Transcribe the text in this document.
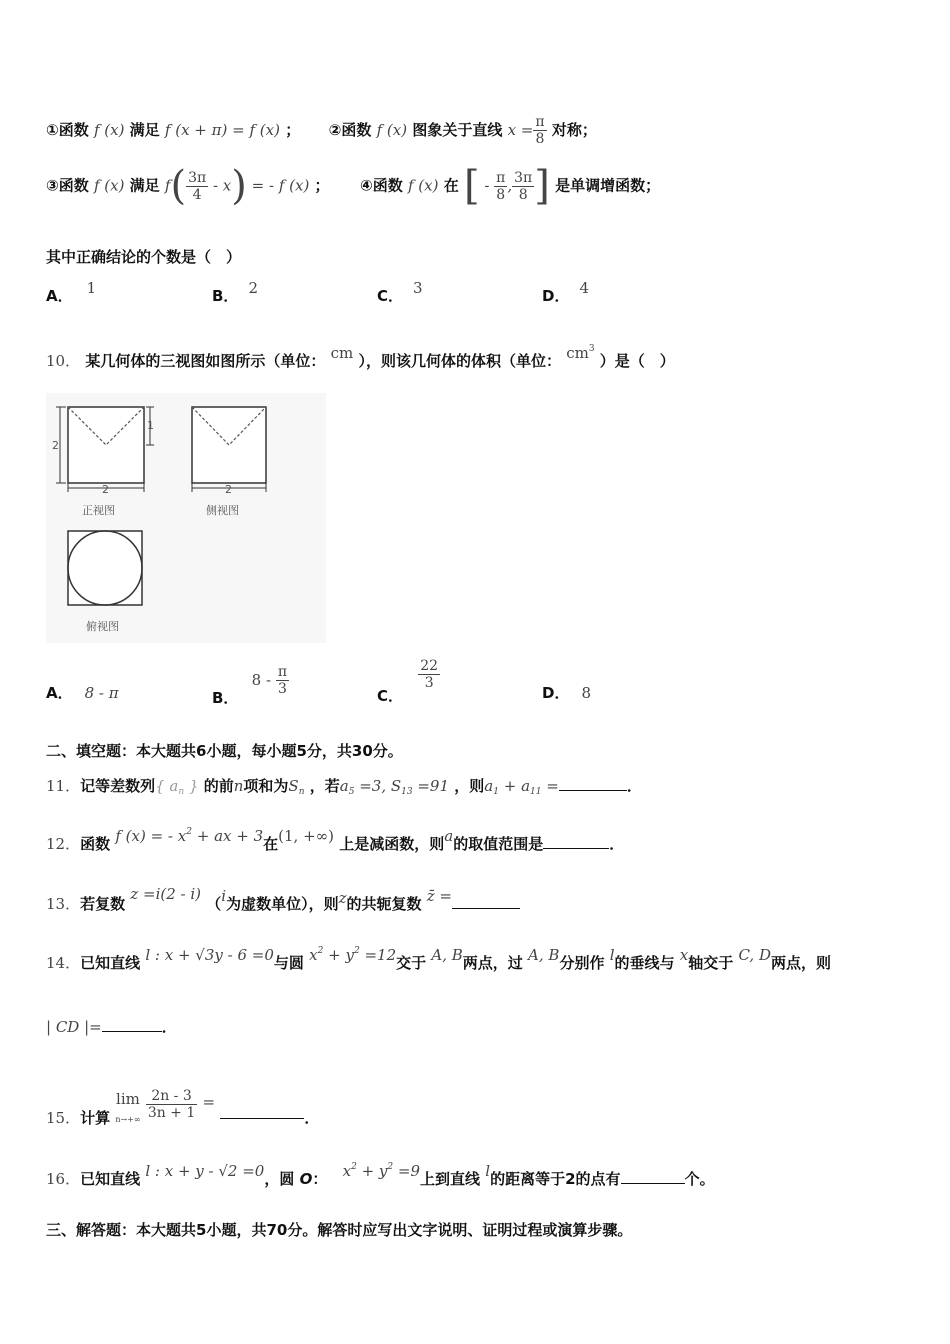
①函数 f (x) 满足 f (x + π) = f (x) ； ②函数 f (x) 图象关于直线 $x = \frac{\pi}{8}$ 对称；
③函数 f (x) 满足 $f( \frac{3\pi}{4} - x)$ = - f (x) ； ④函数 f (x) 在 [ - $\frac{\pi}{8}$ , $\frac{3\pi}{8}$ ] 是单调增函数；
其中正确结论的个数是（　）
A． 1	B． 2	C． 3	D． 4
10． 某几何体的三视图如图所示（单位： cm ），则该几何体的体积（单位： $cm^3$ ）是（　）
2
1
2	2
正视图	侧视图
俯视图
A． 8 - π	B． $8 - \frac{\pi}{3}$	C．
$\frac{22}{3}$
D． 8
二、填空题：本大题共6小题，每小题5分，共30分。
11．记等差数列{ $a_n$ } 的前n项和为$S_n$ ，若$a_5 =3$, $S_{13} =91$ ，则$a_1 + a_{11}$ =	．
12．函数 f (x) = - $x^2$ + ax + 3在(1, +∞) 上是减函数，则a的取值范围是	．
13．若复数 z =i(2 - i) （i为虚数单位），则z的共轭复数 z̄ =
14．已知直线 l : x + √3y - 6 =0与圆 $x^2 + y^2 =12$交于 A, B两点，过 A, B分别作 l的垂线与 x轴交于 C, D两点，则
| CD |=	．
15．计算 lim
$n\to+\infty \frac{2n - 3}{3n + 1}$ = ．
16．已知直线 l : x + y - √2 =0，圆 O： $x^2 + y^2 =9$上到直线 l的距离等于2的点有	个。
三、解答题：本大题共5小题，共70分。解答时应写出文字说明、证明过程或演算步骤。
